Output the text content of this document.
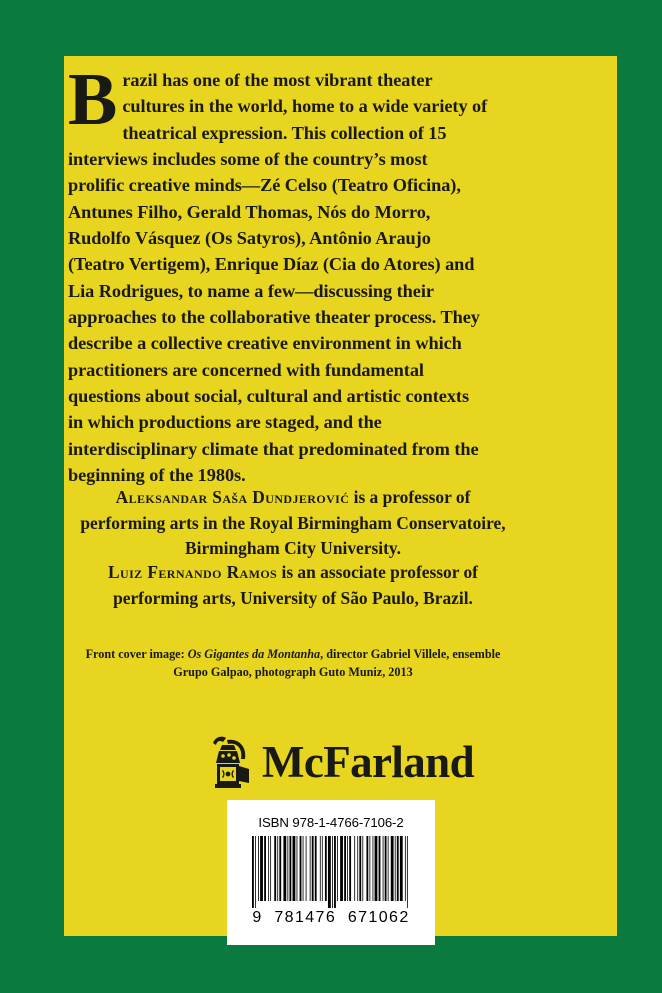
Brazil has one of the most vibrant theater cultures in the world, home to a wide variety of theatrical expression. This collection of 15 interviews includes some of the country’s most prolific creative minds—Zé Celso (Teatro Oficina), Antunes Filho, Gerald Thomas, Nós do Morro, Rudolfo Vásquez (Os Satyros), Antônio Araujo (Teatro Vertigem), Enrique Díaz (Cia do Atores) and Lia Rodrigues, to name a few—discussing their approaches to the collaborative theater process. They describe a collective creative environment in which practitioners are concerned with fundamental questions about social, cultural and artistic contexts in which productions are staged, and the interdisciplinary climate that predominated from the beginning of the 1980s.
Aleksandar Saša Dundjerović is a professor of performing arts in the Royal Birmingham Conservatoire, Birmingham City University.
Luiz Fernando Ramos is an associate professor of performing arts, University of São Paulo, Brazil.
Front cover image: Os Gigantes da Montanha, director Gabriel Villele, ensemble Grupo Galpao, photograph Guto Muniz, 2013
McFarland
ISBN 978-1-4766-7106-2
9  781476  671062
